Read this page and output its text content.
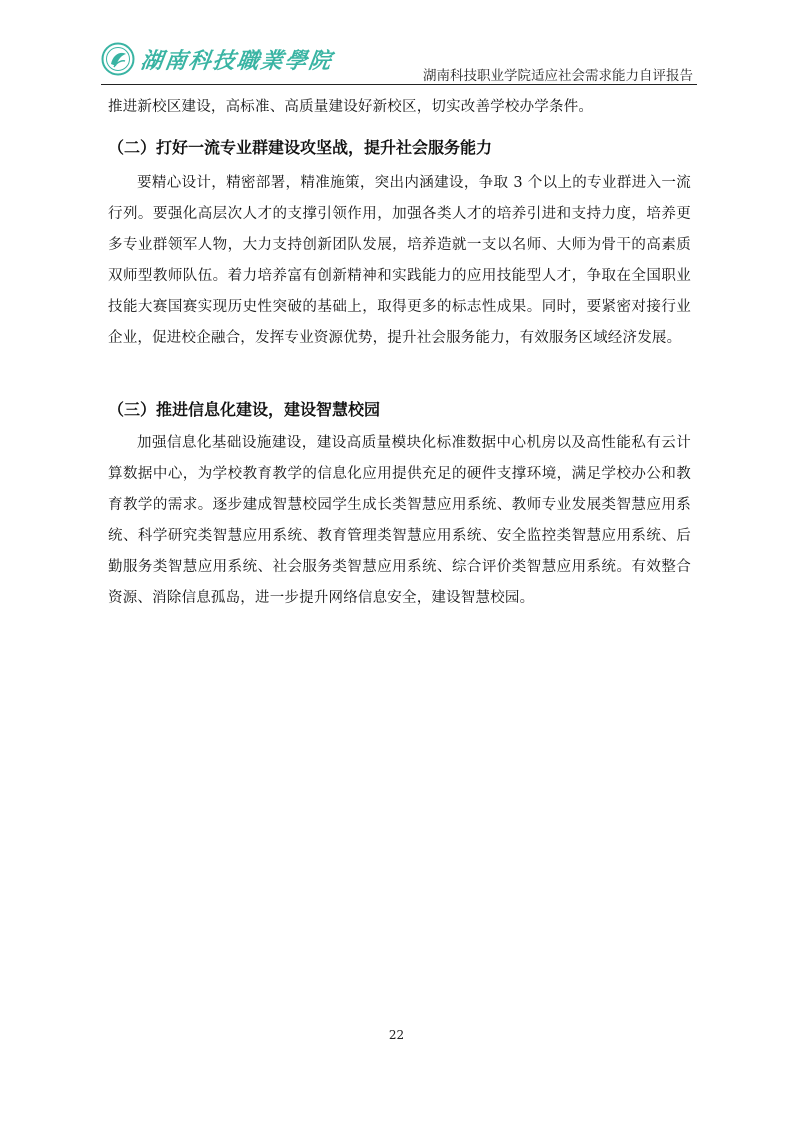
湖南科技職業學院
湖南科技职业学院适应社会需求能力自评报告

推进新校区建设，高标准、高质量建设好新校区，切实改善学校办学条件。

（二）打好一流专业群建设攻坚战，提升社会服务能力

要精心设计，精密部署，精准施策，突出内涵建设，争取 3 个以上的专业群进入一流行列。要强化高层次人才的支撑引领作用，加强各类人才的培养引进和支持力度，培养更多专业群领军人物，大力支持创新团队发展，培养造就一支以名师、大师为骨干的高素质双师型教师队伍。着力培养富有创新精神和实践能力的应用技能型人才，争取在全国职业技能大赛国赛实现历史性突破的基础上，取得更多的标志性成果。同时，要紧密对接行业企业，促进校企融合，发挥专业资源优势，提升社会服务能力，有效服务区域经济发展。

（三）推进信息化建设，建设智慧校园

加强信息化基础设施建设，建设高质量模块化标准数据中心机房以及高性能私有云计算数据中心，为学校教育教学的信息化应用提供充足的硬件支撑环境，满足学校办公和教育教学的需求。逐步建成智慧校园学生成长类智慧应用系统、教师专业发展类智慧应用系统、科学研究类智慧应用系统、教育管理类智慧应用系统、安全监控类智慧应用系统、后勤服务类智慧应用系统、社会服务类智慧应用系统、综合评价类智慧应用系统。有效整合资源、消除信息孤岛，进一步提升网络信息安全，建设智慧校园。

22
